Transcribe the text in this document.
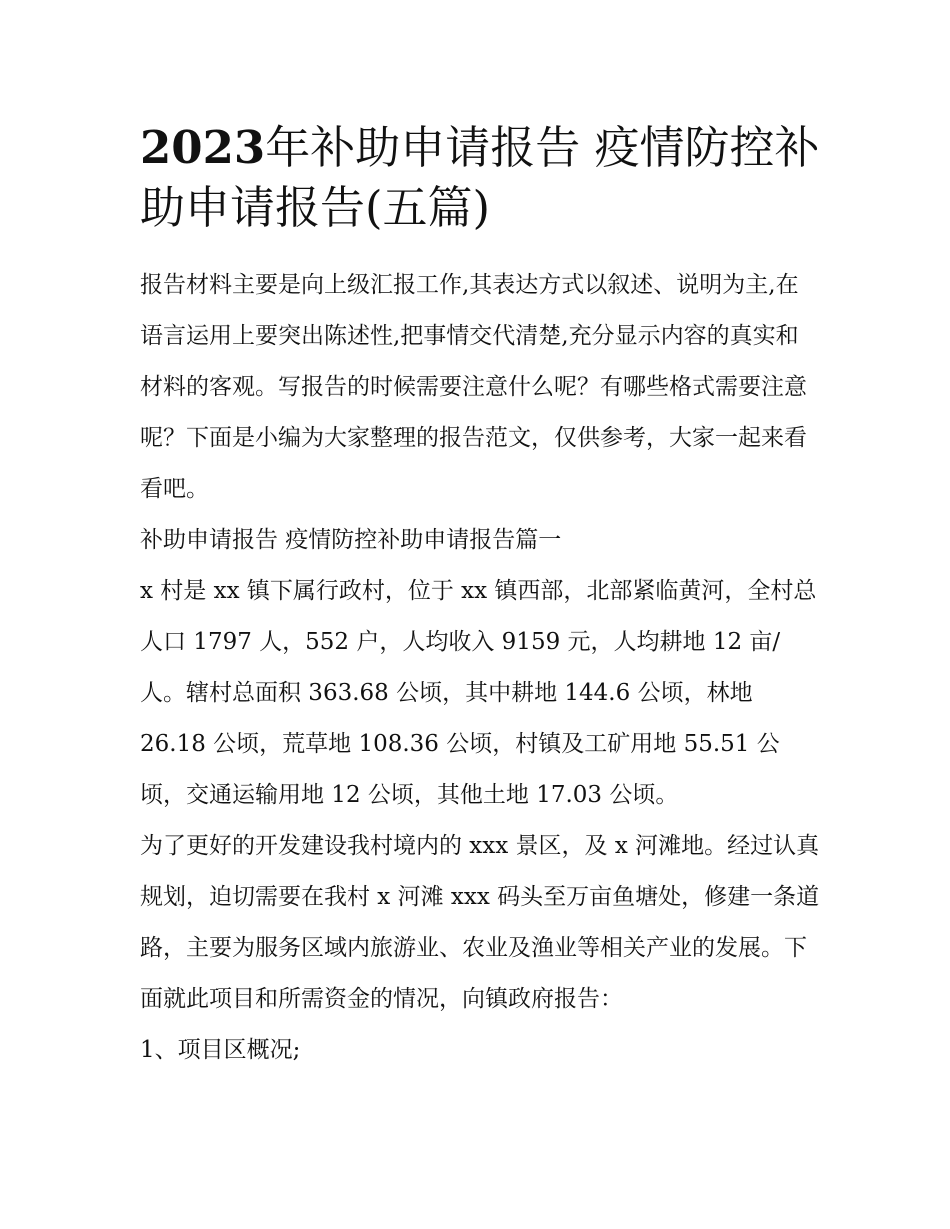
2023年补助申请报告 疫情防控补助申请报告(五篇)

报告材料主要是向上级汇报工作,其表达方式以叙述、说明为主,在语言运用上要突出陈述性,把事情交代清楚,充分显示内容的真实和材料的客观。写报告的时候需要注意什么呢？有哪些格式需要注意呢？下面是小编为大家整理的报告范文，仅供参考，大家一起来看看吧。

补助申请报告 疫情防控补助申请报告篇一

x 村是 xx 镇下属行政村，位于 xx 镇西部，北部紧临黄河，全村总人口 1797 人，552 户，人均收入 9159 元，人均耕地 12 亩/人。辖村总面积 363.68 公顷，其中耕地 144.6 公顷，林地 26.18 公顷，荒草地 108.36 公顷，村镇及工矿用地 55.51 公顷，交通运输用地 12 公顷，其他土地 17.03 公顷。

为了更好的开发建设我村境内的 xxx 景区，及 x 河滩地。经过认真规划，迫切需要在我村 x 河滩 xxx 码头至万亩鱼塘处，修建一条道路，主要为服务区域内旅游业、农业及渔业等相关产业的发展。下面就此项目和所需资金的情况，向镇政府报告：

1、项目区概况;
